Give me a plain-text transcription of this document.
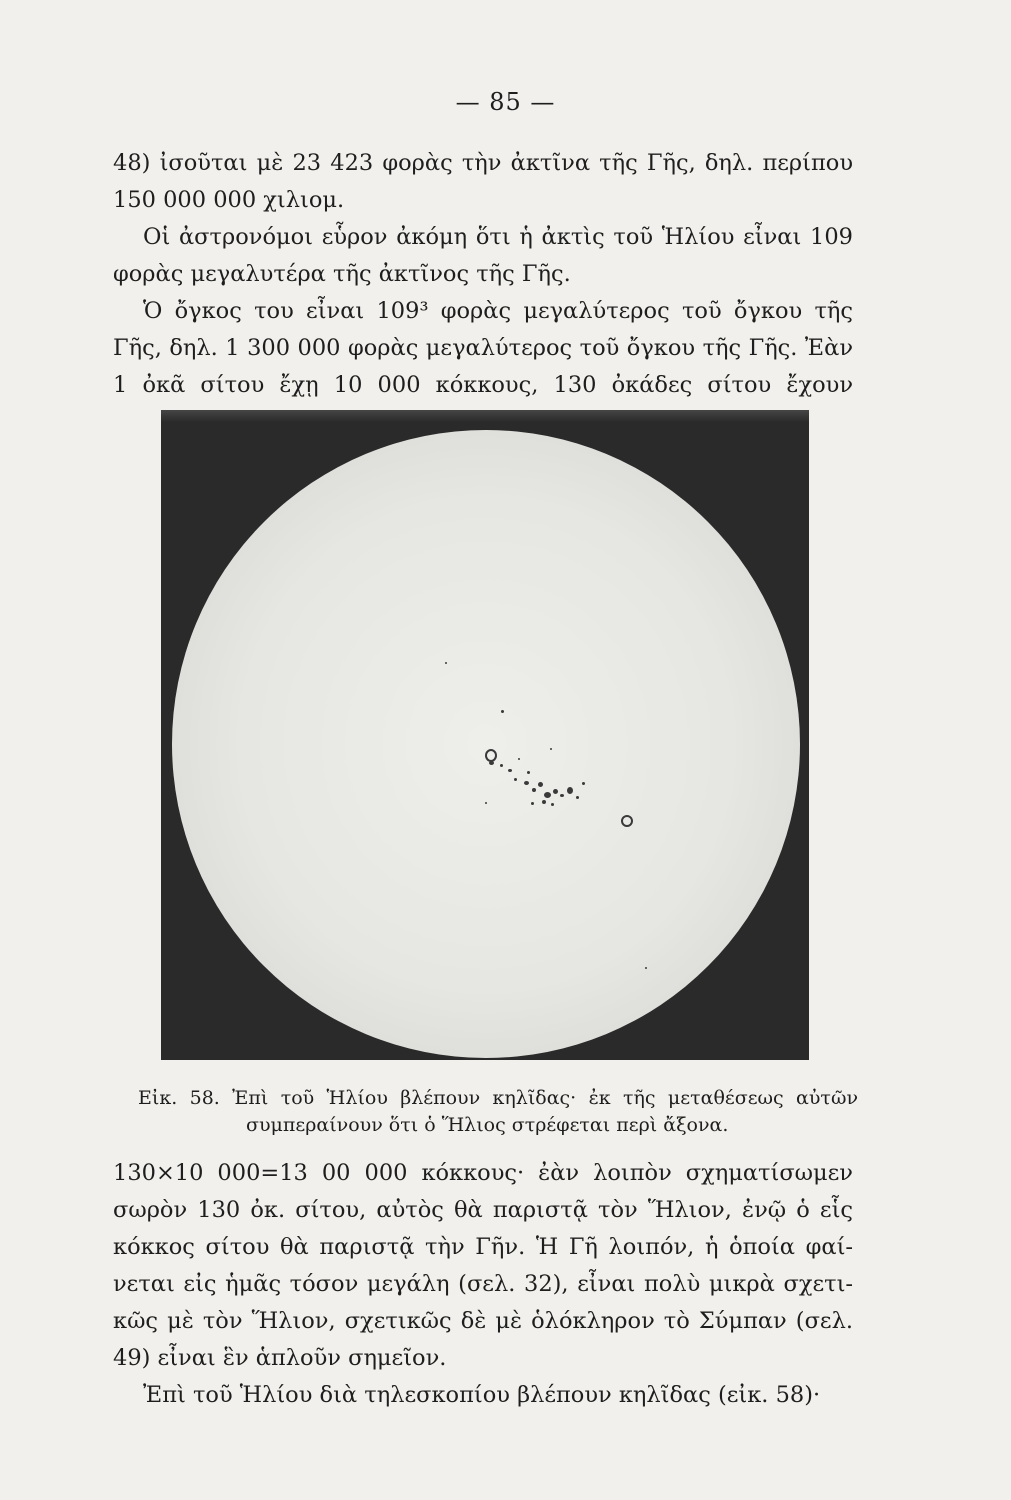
— 85 —

48) ἰσοῦται μὲ 23 423 φορὰς τὴν ἀκτῖνα τῆς Γῆς, δηλ. περίπου
150 000 000 χιλιομ.
Οἱ ἀστρονόμοι εὗρον ἀκόμη ὅτι ἡ ἀκτὶς τοῦ Ἡλίου εἶναι 109
φορὰς μεγαλυτέρα τῆς ἀκτῖνος τῆς Γῆς.
Ὁ ὄγκος του εἶναι 109³ φορὰς μεγαλύτερος τοῦ ὄγκου τῆς
Γῆς, δηλ. 1 300 000 φορὰς μεγαλύτερος τοῦ ὄγκου τῆς Γῆς. Ἐὰν
1 ὀκᾶ σίτου ἔχῃ 10 000 κόκκους, 130 ὀκάδες σίτου ἔχουν

Εἰκ. 58. Ἐπὶ τοῦ Ἡλίου βλέπουν κηλῖδας· ἐκ τῆς μεταθέσεως αὐτῶν
συμπεραίνουν ὅτι ὁ Ἥλιος στρέφεται περὶ ἄξονα.

130×10 000=13 00 000 κόκκους· ἐὰν λοιπὸν σχηματίσωμεν
σωρὸν 130 ὀκ. σίτου, αὐτὸς θὰ παριστᾷ τὸν Ἥλιον, ἐνῷ ὁ εἷς
κόκκος σίτου θὰ παριστᾷ τὴν Γῆν. Ἡ Γῆ λοιπόν, ἡ ὁποία φαί-
νεται εἰς ἡμᾶς τόσον μεγάλη (σελ. 32), εἶναι πολὺ μικρὰ σχετι-
κῶς μὲ τὸν Ἥλιον, σχετικῶς δὲ μὲ ὁλόκληρον τὸ Σύμπαν (σελ.
49) εἶναι ἓν ἁπλοῦν σημεῖον.
Ἐπὶ τοῦ Ἡλίου διὰ τηλεσκοπίου βλέπουν κηλῖδας (εἰκ. 58)·
